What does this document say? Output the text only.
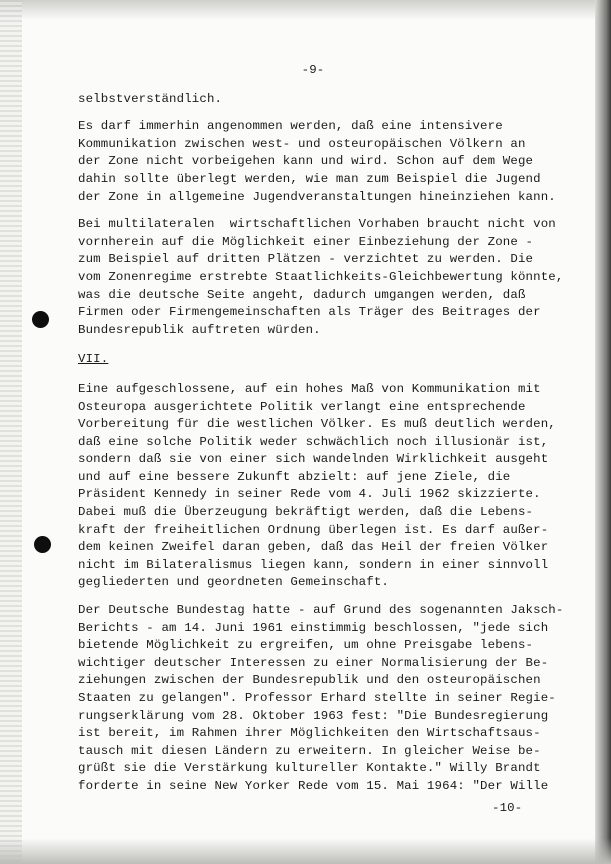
-9-
selbstverständlich.
Es darf immerhin angenommen werden, daß eine intensivere
Kommunikation zwischen west- und osteuropäischen Völkern an
der Zone nicht vorbeigehen kann und wird. Schon auf dem Wege
dahin sollte überlegt werden, wie man zum Beispiel die Jugend
der Zone in allgemeine Jugendveranstaltungen hineinziehen kann.
Bei multilateralen  wirtschaftlichen Vorhaben braucht nicht von
vornherein auf die Möglichkeit einer Einbeziehung der Zone -
zum Beispiel auf dritten Plätzen - verzichtet zu werden. Die
vom Zonenregime erstrebte Staatlichkeits-Gleichbewertung könnte,
was die deutsche Seite angeht, dadurch umgangen werden, daß
Firmen oder Firmengemeinschaften als Träger des Beitrages der
Bundesrepublik auftreten würden.
VII.
Eine aufgeschlossene, auf ein hohes Maß von Kommunikation mit
Osteuropa ausgerichtete Politik verlangt eine entsprechende
Vorbereitung für die westlichen Völker. Es muß deutlich werden,
daß eine solche Politik weder schwächlich noch illusionär ist,
sondern daß sie von einer sich wandelnden Wirklichkeit ausgeht
und auf eine bessere Zukunft abzielt: auf jene Ziele, die
Präsident Kennedy in seiner Rede vom 4. Juli 1962 skizzierte.
Dabei muß die Überzeugung bekräftigt werden, daß die Lebens-
kraft der freiheitlichen Ordnung überlegen ist. Es darf außer-
dem keinen Zweifel daran geben, daß das Heil der freien Völker
nicht im Bilateralismus liegen kann, sondern in einer sinnvoll
gegliederten und geordneten Gemeinschaft.
Der Deutsche Bundestag hatte - auf Grund des sogenannten Jaksch-
Berichts - am 14. Juni 1961 einstimmig beschlossen, "jede sich
bietende Möglichkeit zu ergreifen, um ohne Preisgabe lebens-
wichtiger deutscher Interessen zu einer Normalisierung der Be-
ziehungen zwischen der Bundesrepublik und den osteuropäischen
Staaten zu gelangen". Professor Erhard stellte in seiner Regie-
rungserklärung vom 28. Oktober 1963 fest: "Die Bundesregierung
ist bereit, im Rahmen ihrer Möglichkeiten den Wirtschaftsaus-
tausch mit diesen Ländern zu erweitern. In gleicher Weise be-
grüßt sie die Verstärkung kultureller Kontakte." Willy Brandt
forderte in seine New Yorker Rede vom 15. Mai 1964: "Der Wille
-10-
